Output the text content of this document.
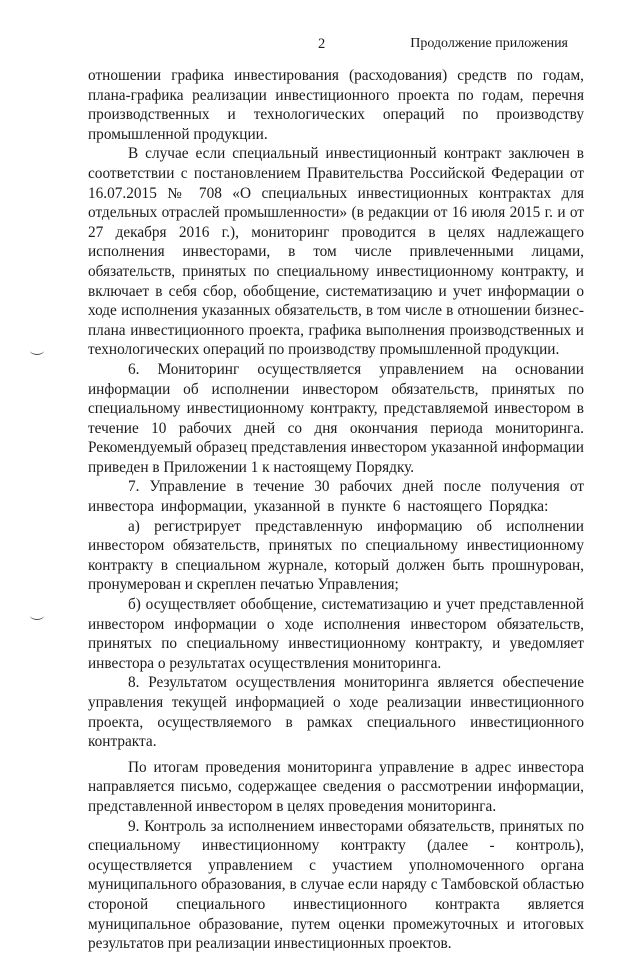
2	Продолжение приложения

отношении графика инвестирования (расходования) средств по годам, плана-графика реализации инвестиционного проекта по годам, перечня производственных и технологических операций по производству промышленной продукции.

В случае если специальный инвестиционный контракт заключен в соответствии с постановлением Правительства Российской Федерации от 16.07.2015 № 708 «О специальных инвестиционных контрактах для отдельных отраслей промышленности» (в редакции от 16 июля 2015 г. и от 27 декабря 2016 г.), мониторинг проводится в целях надлежащего исполнения инвесторами, в том числе привлеченными лицами, обязательств, принятых по специальному инвестиционному контракту, и включает в себя сбор, обобщение, систематизацию и учет информации о ходе исполнения указанных обязательств, в том числе в отношении бизнес-плана инвестиционного проекта, графика выполнения производственных и технологических операций по производству промышленной продукции.

6. Мониторинг осуществляется управлением на основании информации об исполнении инвестором обязательств, принятых по специальному инвестиционному контракту, представляемой инвестором в течение 10 рабочих дней со дня окончания периода мониторинга. Рекомендуемый образец представления инвестором указанной информации приведен в Приложении 1 к настоящему Порядку.

7. Управление в течение 30 рабочих дней после получения от инвестора информации, указанной в пункте 6 настоящего Порядка:

а) регистрирует представленную информацию об исполнении инвестором обязательств, принятых по специальному инвестиционному контракту в специальном журнале, который должен быть прошнурован, пронумерован и скреплен печатью Управления;

б) осуществляет обобщение, систематизацию и учет представленной инвестором информации о ходе исполнения инвестором обязательств, принятых по специальному инвестиционному контракту, и уведомляет инвестора о результатах осуществления мониторинга.

8. Результатом осуществления мониторинга является обеспечение управления текущей информацией о ходе реализации инвестиционного проекта, осуществляемого в рамках специального инвестиционного контракта.

По итогам проведения мониторинга управление в адрес инвестора направляется письмо, содержащее сведения о рассмотрении информации, представленной инвестором в целях проведения мониторинга.

9. Контроль за исполнением инвесторами обязательств, принятых по специальному инвестиционному контракту (далее - контроль), осуществляется управлением с участием уполномоченного органа муниципального образования, в случае если наряду с Тамбовской областью стороной специального инвестиционного контракта является муниципальное образование, путем оценки промежуточных и итоговых результатов при реализации инвестиционных проектов.
